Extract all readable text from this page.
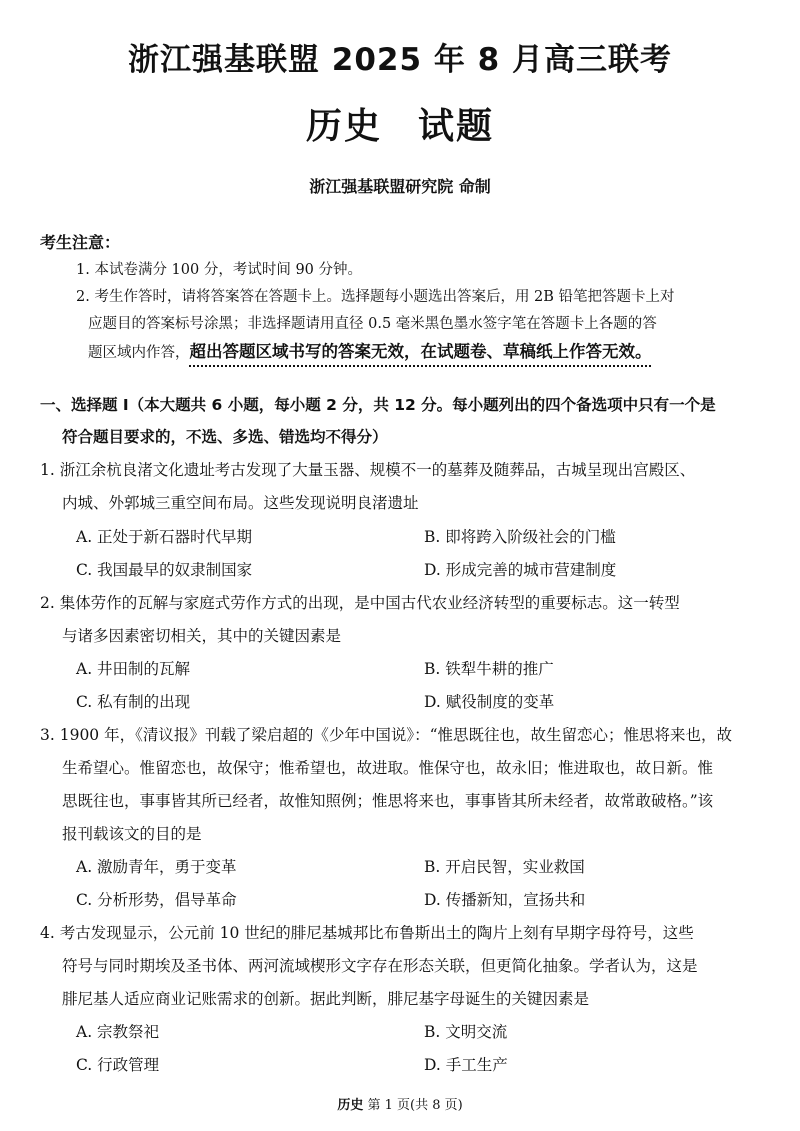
浙江强基联盟 2025 年 8 月高三联考
历史 试题
浙江强基联盟研究院 命制
考生注意：
1. 本试卷满分 100 分，考试时间 90 分钟。
2. 考生作答时，请将答案答在答题卡上。选择题每小题选出答案后，用 2B 铅笔把答题卡上对
应题目的答案标号涂黑；非选择题请用直径 0.5 毫米黑色墨水签字笔在答题卡上各题的答
题区域内作答，超出答题区域书写的答案无效，在试题卷、草稿纸上作答无效。
一、选择题 Ⅰ（本大题共 6 小题，每小题 2 分，共 12 分。每小题列出的四个备选项中只有一个是
符合题目要求的，不选、多选、错选均不得分）
1. 浙江余杭良渚文化遗址考古发现了大量玉器、规模不一的墓葬及随葬品，古城呈现出宫殿区、
内城、外郭城三重空间布局。这些发现说明良渚遗址
A. 正处于新石器时代早期	B. 即将跨入阶级社会的门槛
C. 我国最早的奴隶制国家	D. 形成完善的城市营建制度
2. 集体劳作的瓦解与家庭式劳作方式的出现，是中国古代农业经济转型的重要标志。这一转型
与诸多因素密切相关，其中的关键因素是
A. 井田制的瓦解	B. 铁犁牛耕的推广
C. 私有制的出现	D. 赋役制度的变革
3. 1900 年，《清议报》刊载了梁启超的《少年中国说》：“惟思既往也，故生留恋心；惟思将来也，故
生希望心。惟留恋也，故保守；惟希望也，故进取。惟保守也，故永旧；惟进取也，故日新。惟
思既往也，事事皆其所已经者，故惟知照例；惟思将来也，事事皆其所未经者，故常敢破格。”该
报刊载该文的目的是
A. 激励青年，勇于变革	B. 开启民智，实业救国
C. 分析形势，倡导革命	D. 传播新知，宣扬共和
4. 考古发现显示，公元前 10 世纪的腓尼基城邦比布鲁斯出土的陶片上刻有早期字母符号，这些
符号与同时期埃及圣书体、两河流域楔形文字存在形态关联，但更简化抽象。学者认为，这是
腓尼基人适应商业记账需求的创新。据此判断，腓尼基字母诞生的关键因素是
A. 宗教祭祀	B. 文明交流
C. 行政管理	D. 手工生产
历史 第 1 页(共 8 页)
